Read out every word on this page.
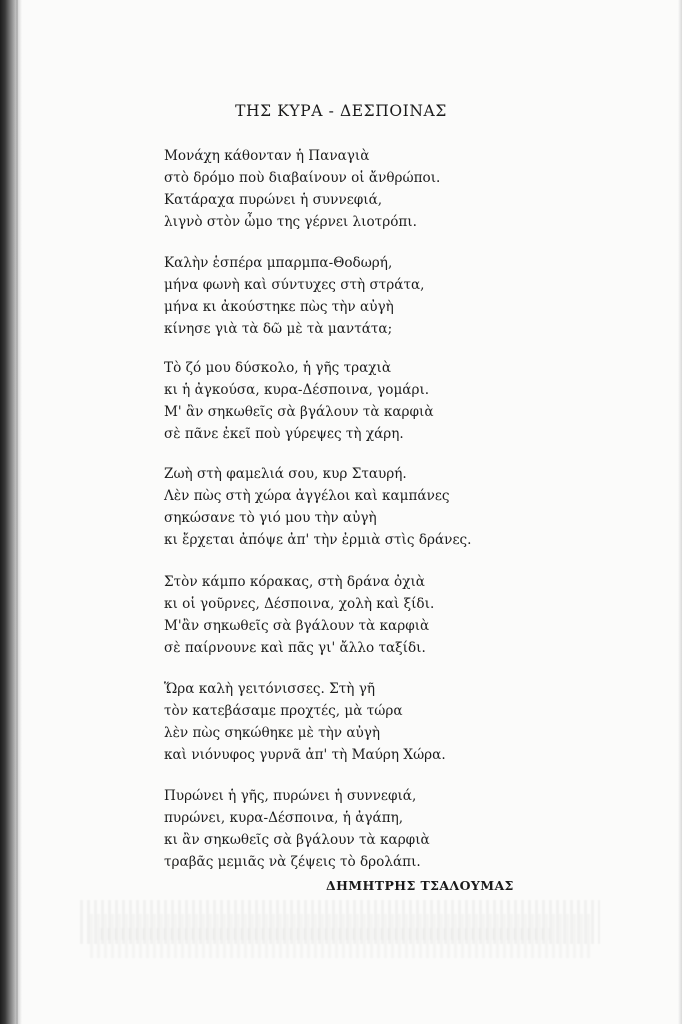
ΤΗΣ ΚΥΡΑ - ΔΕΣΠΟΙΝΑΣ
Μονάχη κάθονταν ἡ Παναγιὰ
στὸ δρόμο ποὺ διαβαίνουν οἱ ἄνθρώποι.
Κατάραχα πυρώνει ἡ συννεφιά,
λιγνὸ στὸν ὦμο της γέρνει λιοτρόπι.
Καλὴν ἑσπέρα μπαρμπα-Θοδωρή,
μήνα φωνὴ καὶ σύντυχες στὴ στράτα,
μήνα κι ἀκούστηκε πὼς τὴν αὐγὴ
κίνησε γιὰ τὰ δῶ μὲ τὰ μαντάτα;
Τὸ ζό μου δύσκολο, ἡ γῆς τραχιὰ
κι ἡ ἀγκούσα, κυρα-Δέσποινα, γομάρι.
Μ' ἂν σηκωθεῖς σὰ βγάλουν τὰ καρφιὰ
σὲ πᾶνε ἐκεῖ ποὺ γύρεψες τὴ χάρη.
Ζωὴ στὴ φαμελιά σου, κυρ Σταυρή.
Λὲν πὼς στὴ χώρα ἀγγέλοι καὶ καμπάνες
σηκώσανε τὸ γιό μου τὴν αὐγὴ
κι ἔρχεται ἀπόψε ἀπ' τὴν ἐρμιὰ στὶς δράνες.
Στὸν κάμπο κόρακας, στὴ δράνα ὀχιὰ
κι οἱ γοῦρνες, Δέσποινα, χολὴ καὶ ξίδι.
Μ'ἂν σηκωθεῖς σὰ βγάλουν τὰ καρφιὰ
σὲ παίρνουνε καὶ πᾶς γι' ἄλλο ταξίδι.
Ὥρα καλὴ γειτόνισσες. Στὴ γῆ
τὸν κατεβάσαμε προχτές, μὰ τώρα
λὲν πὼς σηκώθηκε μὲ τὴν αὐγὴ
καὶ νιόνυφος γυρνᾶ ἀπ' τὴ Μαύρη Χώρα.
Πυρώνει ἡ γῆς, πυρώνει ἡ συννεφιά,
πυρώνει, κυρα-Δέσποινα, ἡ ἀγάπη,
κι ἂν σηκωθεῖς σὰ βγάλουν τὰ καρφιὰ
τραβᾶς μεμιᾶς νὰ ζέψεις τὸ δρολάπι.
ΔΗΜΗΤΡΗΣ ΤΣΑΛΟΥΜΑΣ
